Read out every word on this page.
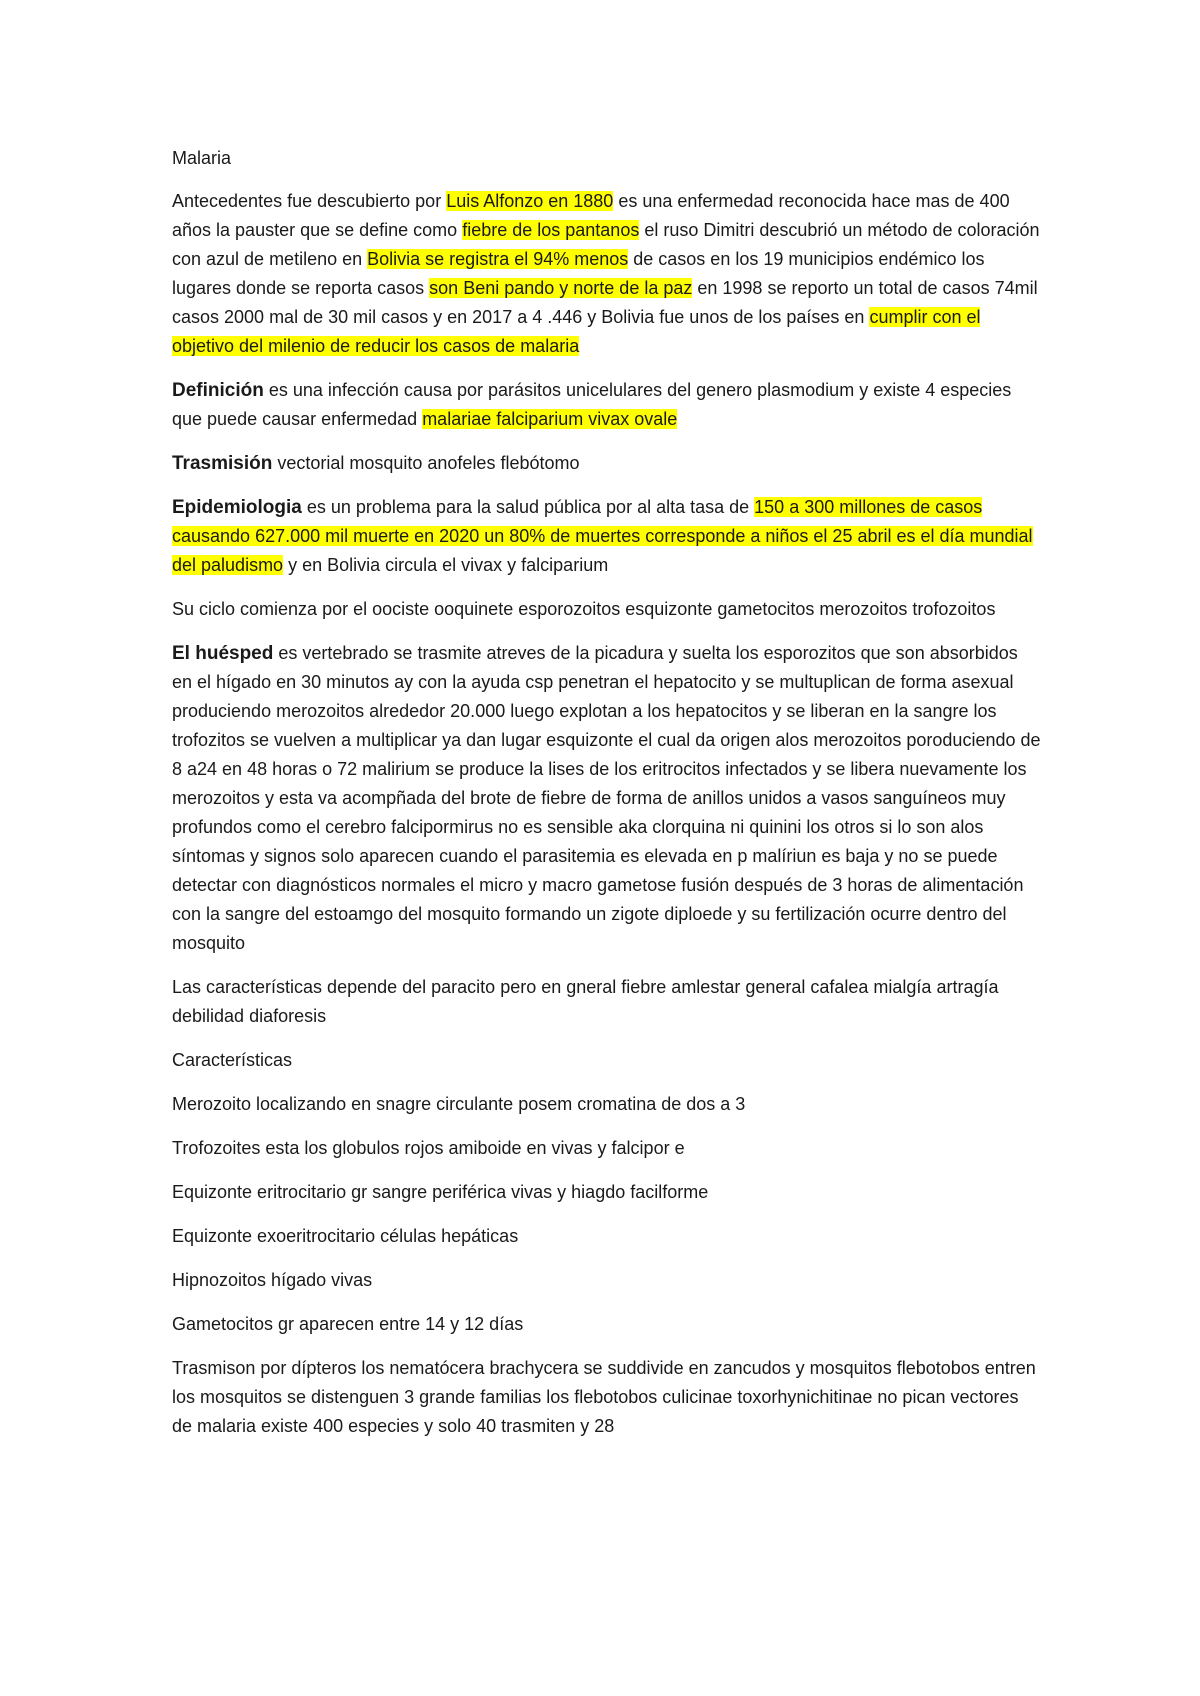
Malaria

Antecedentes fue descubierto por Luis Alfonzo en 1880 es una enfermedad reconocida hace mas de 400 años la pauster que se define como fiebre de los pantanos el ruso Dimitri descubrió un método de coloración con azul de metileno en Bolivia se registra el 94% menos de casos en los 19 municipios endémico los lugares donde se reporta casos son Beni pando y norte de la paz en 1998 se reporto un total de casos 74mil casos 2000 mal de 30 mil casos y en 2017 a 4 .446 y Bolivia fue unos de los países en cumplir con el objetivo del milenio de reducir los casos de malaria

Definición es una infección causa por parásitos unicelulares del genero plasmodium y existe 4 especies que puede causar enfermedad malariae falciparium vivax ovale

Trasmisión vectorial mosquito anofeles flebótomo

Epidemiologia es un problema para la salud pública por al alta tasa de 150 a 300 millones de casos causando 627.000 mil muerte en 2020 un 80% de muertes corresponde a niños el 25 abril es el día mundial del paludismo y en Bolivia circula el vivax y falciparium

Su ciclo comienza por el oociste ooquinete esporozoitos esquizonte gametocitos merozoitos trofozoitos

El huésped es vertebrado se trasmite atreves de la picadura y suelta los esporozitos que son absorbidos en el hígado en 30 minutos ay con la ayuda csp penetran el hepatocito y se multuplican de forma asexual produciendo merozoitos alrededor 20.000 luego explotan a los hepatocitos y se liberan en la sangre los trofozitos se vuelven a multiplicar ya dan lugar esquizonte el cual da origen alos merozoitos poroduciendo de 8 a24 en 48 horas o 72 malirium se produce la lises de los eritrocitos infectados y se libera nuevamente los merozoitos y esta va acompñada del brote de fiebre de forma de anillos unidos a vasos sanguíneos muy profundos como el cerebro falcipormirus no es sensible aka clorquina ni quinini los otros si lo son alos síntomas y signos solo aparecen cuando el parasitemia es elevada en p malíriun es baja y no se puede detectar con diagnósticos normales el micro y macro gametose fusión después de 3 horas de alimentación con la sangre del estoamgo del mosquito formando un zigote diploede y su fertilización ocurre dentro del mosquito

Las características depende del paracito pero en gneral fiebre amlestar general cafalea mialgía artragía debilidad diaforesis

Características

Merozoito localizando en snagre circulante posem cromatina de dos a 3

Trofozoites esta los globulos rojos amiboide en vivas y falcipor e

Equizonte eritrocitario gr sangre periférica vivas y hiagdo facilforme

Equizonte exoeritrocitario células hepáticas

Hipnozoitos hígado vivas

Gametocitos gr aparecen entre 14 y 12 días

Trasmison por dípteros los nematócera brachycera se suddivide en zancudos y mosquitos flebotobos entren los mosquitos se distenguen 3 grande familias los flebotobos culicinae toxorhynichitinae no pican vectores de malaria existe 400 especies y solo 40 trasmiten y 28
